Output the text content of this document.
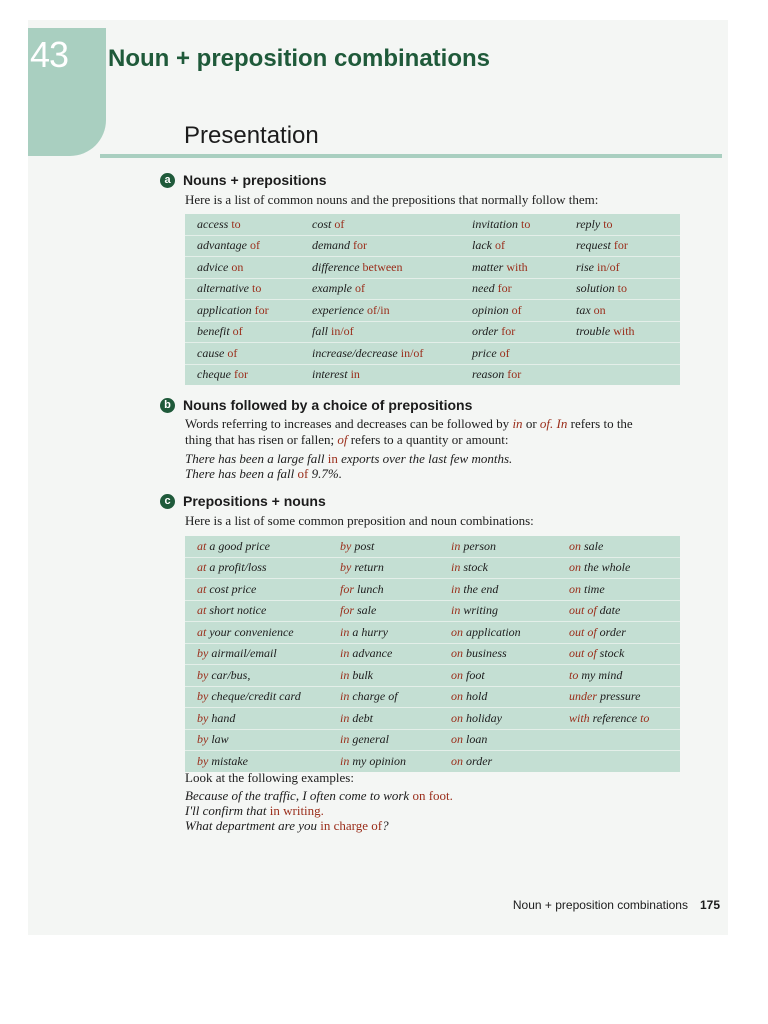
43	Noun + preposition combinations
Presentation
a Nouns + prepositions
Here is a list of common nouns and the prepositions that normally follow them:
access to	cost of	invitation to	reply to
advantage of	demand for	lack of	request for
advice on	difference between	matter with	rise in/of
alternative to	example of	need for	solution to
application for	experience of/in	opinion of	tax on
benefit of	fall in/of	order for	trouble with
cause of	increase/decrease in/of	price of	
cheque for	interest in	reason for	
b Nouns followed by a choice of prepositions
Words referring to increases and decreases can be followed by in or of. In refers to the
thing that has risen or fallen; of refers to a quantity or amount:
There has been a large fall in exports over the last few months.
There has been a fall of 9.7%.
c Prepositions + nouns
Here is a list of some common preposition and noun combinations:
at a good price	by post	in person	on sale
at a profit/loss	by return	in stock	on the whole
at cost price	for lunch	in the end	on time
at short notice	for sale	in writing	out of date
at your convenience	in a hurry	on application	out of order
by airmail/email	in advance	on business	out of stock
by car/bus,	in bulk	on foot	to my mind
by cheque/credit card	in charge of	on hold	under pressure
by hand	in debt	on holiday	with reference to
by law	in general	on loan	
by mistake	in my opinion	on order	
Look at the following examples:
Because of the traffic, I often come to work on foot.
I'll confirm that in writing.
What department are you in charge of?
Noun + preposition combinations 175
